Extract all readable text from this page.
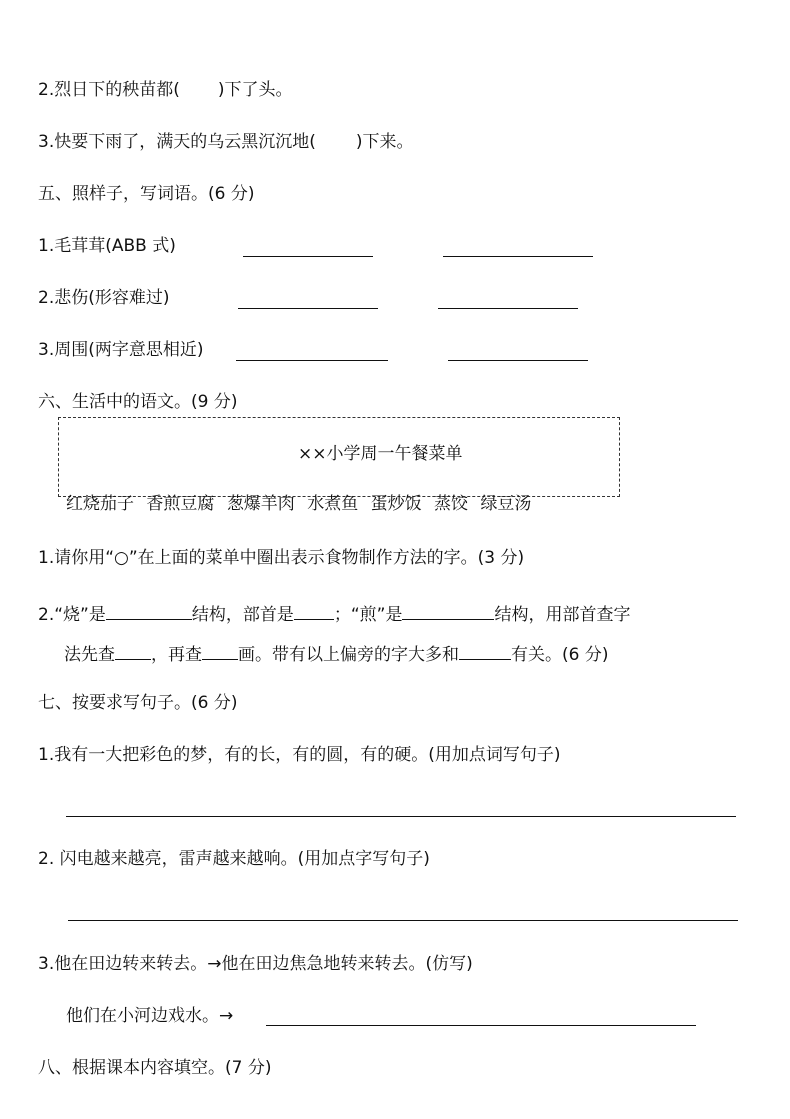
2.烈日下的秧苗都( )下了头。
3.快要下雨了，满天的乌云黑沉沉地( )下来。
五、照样子，写词语。(6 分)
1.毛茸茸(ABB 式)
2.悲伤(形容难过)
3.周围(两字意思相近)
六、生活中的语文。(9 分)
××小学周一午餐菜单
红烧茄子 香煎豆腐 葱爆羊肉 水煮鱼 蛋炒饭 蒸饺 绿豆汤
1.请你用“○”在上面的菜单中圈出表示食物制作方法的字。(3 分)
2.“烧”是	结构，部首是 ；“煎”是	结构，用部首查字
法先查 ，再查 画。带有以上偏旁的字大多和	有关。(6 分)
七、按要求写句子。(6 分)
1.我有一大把彩色的梦，有的长，有的圆，有的硬。(用加点词写句子)
2. 闪电越来越亮，雷声越来越响。(用加点字写句子)
3.他在田边转来转去。→他在田边焦急地转来转去。(仿写)
他们在小河边戏水。→
八、根据课本内容填空。(7 分)
